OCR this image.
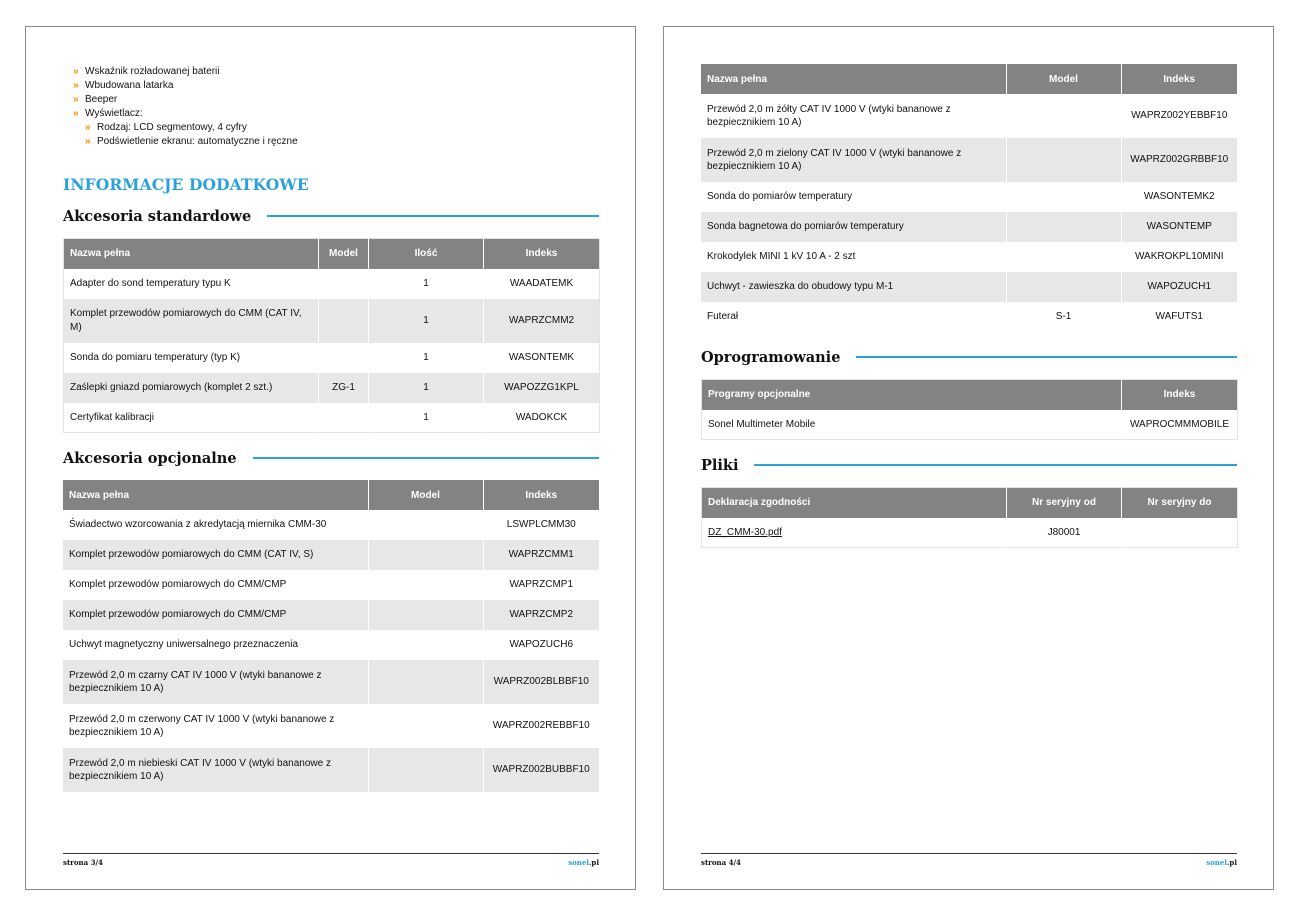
» Wskaźnik rozładowanej baterii
» Wbudowana latarka
» Beeper
» Wyświetlacz:
» Rodzaj: LCD segmentowy, 4 cyfry
» Podświetlenie ekranu: automatyczne i ręczne
INFORMACJE DODATKOWE
Akcesoria standardowe
Nazwa pełna	Model	Ilość	Indeks
Adapter do sond temperatury typu K		1	WAADATEMK
Komplet przewodów pomiarowych do CMM (CAT IV, M)		1	WAPRZCMM2
Sonda do pomiaru temperatury (typ K)		1	WASONTEMK
Zaślepki gniazd pomiarowych (komplet 2 szt.)	ZG-1	1	WAPOZZG1KPL
Certyfikat kalibracji		1	WADOKCK
Akcesoria opcjonalne
Nazwa pełna	Model	Indeks
Świadectwo wzorcowania z akredytacją miernika CMM-30		LSWPLCMM30
Komplet przewodów pomiarowych do CMM (CAT IV, S)		WAPRZCMM1
Komplet przewodów pomiarowych do CMM/CMP		WAPRZCMP1
Komplet przewodów pomiarowych do CMM/CMP		WAPRZCMP2
Uchwyt magnetyczny uniwersalnego przeznaczenia		WAPOZUCH6
Przewód 2,0 m czarny CAT IV 1000 V (wtyki bananowe z bezpiecznikiem 10 A)		WAPRZ002BLBBF10
Przewód 2,0 m czerwony CAT IV 1000 V (wtyki bananowe z bezpiecznikiem 10 A)		WAPRZ002REBBF10
Przewód 2,0 m niebieski CAT IV 1000 V (wtyki bananowe z bezpiecznikiem 10 A)		WAPRZ002BUBBF10
strona 3/4	sonel.pl
Nazwa pełna	Model	Indeks
Przewód 2,0 m żółty CAT IV 1000 V (wtyki bananowe z bezpiecznikiem 10 A)		WAPRZ002YEBBF10
Przewód 2,0 m zielony CAT IV 1000 V (wtyki bananowe z bezpiecznikiem 10 A)		WAPRZ002GRBBF10
Sonda do pomiarów temperatury		WASONTEMK2
Sonda bagnetowa do pomiarów temperatury		WASONTEMP
Krokodylek MINI 1 kV 10 A - 2 szt		WAKROKPL10MINI
Uchwyt - zawieszka do obudowy typu M-1		WAPOZUCH1
Futerał	S-1	WAFUTS1
Oprogramowanie
Programy opcjonalne	Indeks
Sonel Multimeter Mobile	WAPROCMMMOBILE
Pliki
Deklaracja zgodności	Nr seryjny od	Nr seryjny do
DZ_CMM-30.pdf	J80001	
strona 4/4	sonel.pl
